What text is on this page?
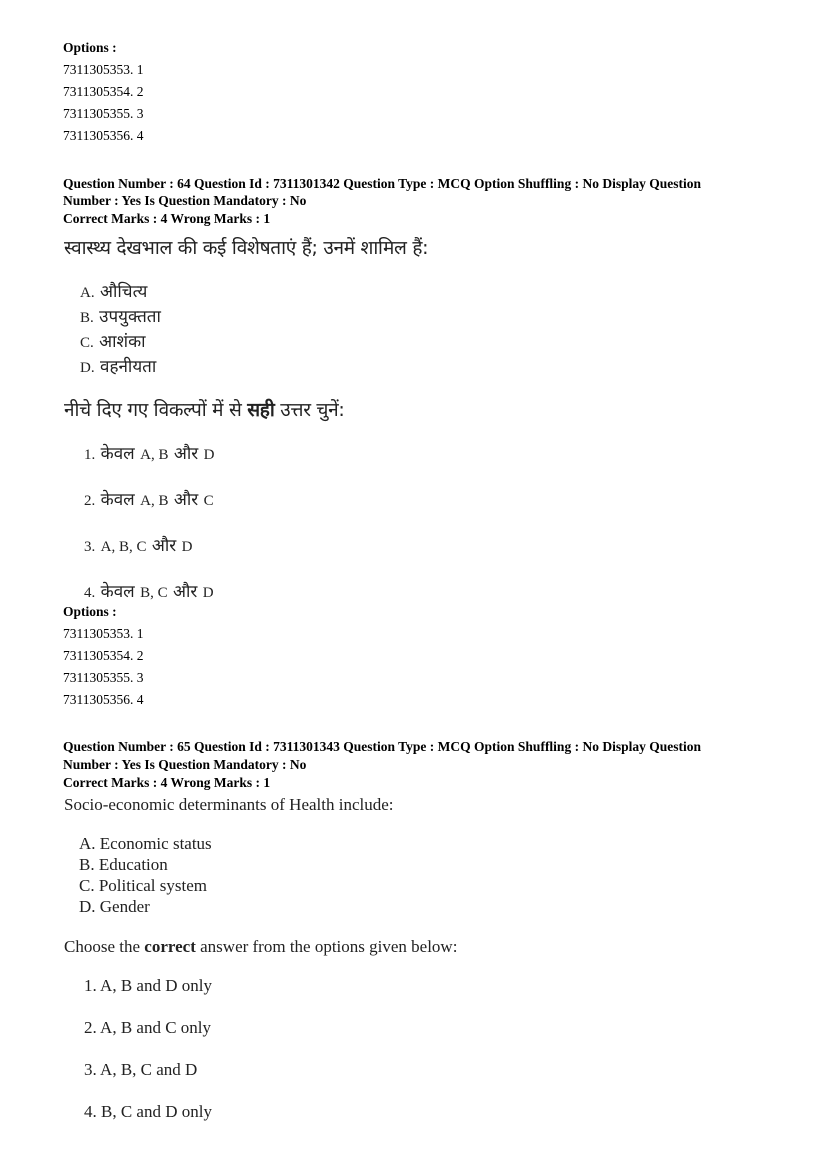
Options :
7311305353. 1
7311305354. 2
7311305355. 3
7311305356. 4
Question Number : 64 Question Id : 7311301342 Question Type : MCQ Option Shuffling : No Display Question
Number : Yes Is Question Mandatory : No
Correct Marks : 4 Wrong Marks : 1
स्वास्थ्य देखभाल की कई विशेषताएं हैं; उनमें शामिल हैं:
A. औचित्य
B. उपयुक्तता
C. आशंका
D. वहनीयता
नीचे दिए गए विकल्पों में से सही उत्तर चुनें:
1. केवल A, B और D
2. केवल A, B और C
3. A, B, C और D
4. केवल B, C और D
Options :
7311305353. 1
7311305354. 2
7311305355. 3
7311305356. 4
Question Number : 65 Question Id : 7311301343 Question Type : MCQ Option Shuffling : No Display Question
Number : Yes Is Question Mandatory : No
Correct Marks : 4 Wrong Marks : 1
Socio-economic determinants of Health include:
A. Economic status
B. Education
C. Political system
D. Gender
Choose the correct answer from the options given below:
1. A, B and D only
2. A, B and C only
3. A, B, C and D
4. B, C and D only
